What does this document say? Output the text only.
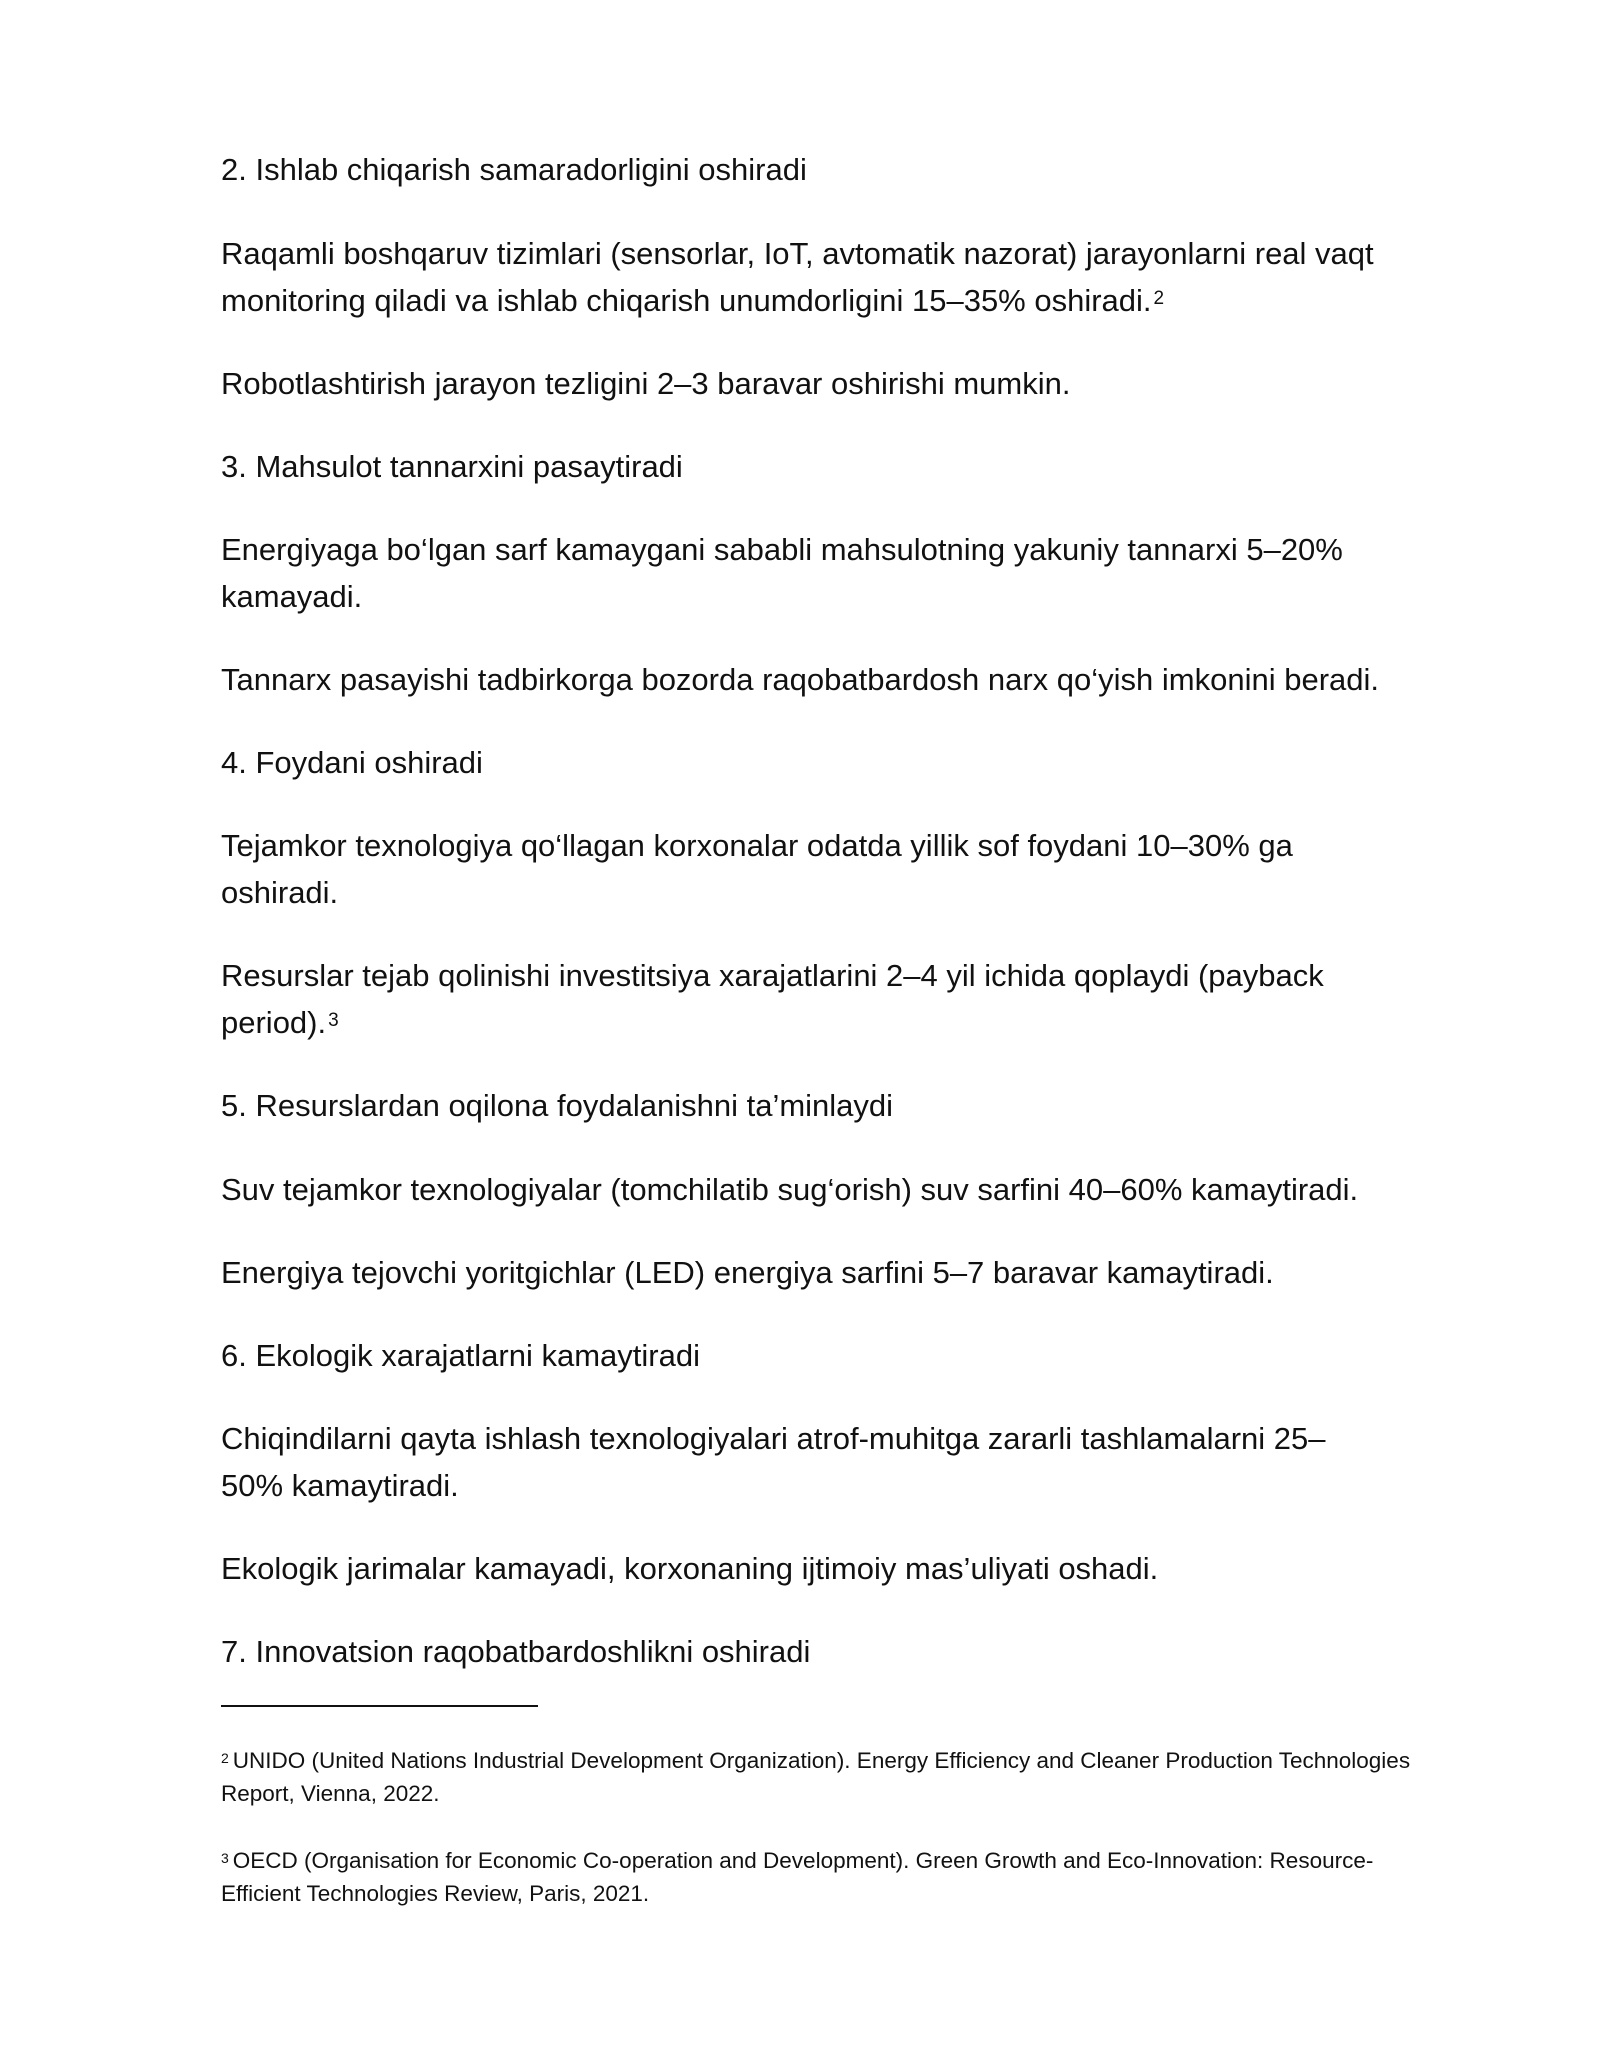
2. Ishlab chiqarish samaradorligini oshiradi

Raqamli boshqaruv tizimlari (sensorlar, IoT, avtomatik nazorat) jarayonlarni real vaqt

monitoring qiladi va ishlab chiqarish unumdorligini 15–35% oshiradi. $^2$

Robotlashtirish jarayon tezligini 2–3 baravar oshirishi mumkin.

3. Mahsulot tannarxini pasaytiradi

Energiyaga bo‘lgan sarf kamaygani sababli mahsulotning yakuniy tannarxi 5–20%

kamayadi.

Tannarx pasayishi tadbirkorga bozorda raqobatbardosh narx qo‘yish imkonini beradi.

4. Foydani oshiradi

Tejamkor texnologiya qo‘llagan korxonalar odatda yillik sof foydani 10–30% ga

oshiradi.

Resurslar tejab qolinishi investitsiya xarajatlarini 2–4 yil ichida qoplaydi (payback

period). $^3$

5. Resurslardan oqilona foydalanishni ta’minlaydi

Suv tejamkor texnologiyalar (tomchilatib sug‘orish) suv sarfini 40–60% kamaytiradi.

Energiya tejovchi yoritgichlar (LED) energiya sarfini 5–7 baravar kamaytiradi.

6. Ekologik xarajatlarni kamaytiradi

Chiqindilarni qayta ishlash texnologiyalari atrof-muhitga zararli tashlamalarni 25–

50% kamaytiradi.

Ekologik jarimalar kamayadi, korxonaning ijtimoiy mas’uliyati oshadi.

7. Innovatsion raqobatbardoshlikni oshiradi

$^2$ UNIDO (United Nations Industrial Development Organization). Energy Efficiency and Cleaner Production Technologies

Report, Vienna, 2022.

$^3$ OECD (Organisation for Economic Co-operation and Development). Green Growth and Eco-Innovation: Resource-

Efficient Technologies Review, Paris, 2021.
